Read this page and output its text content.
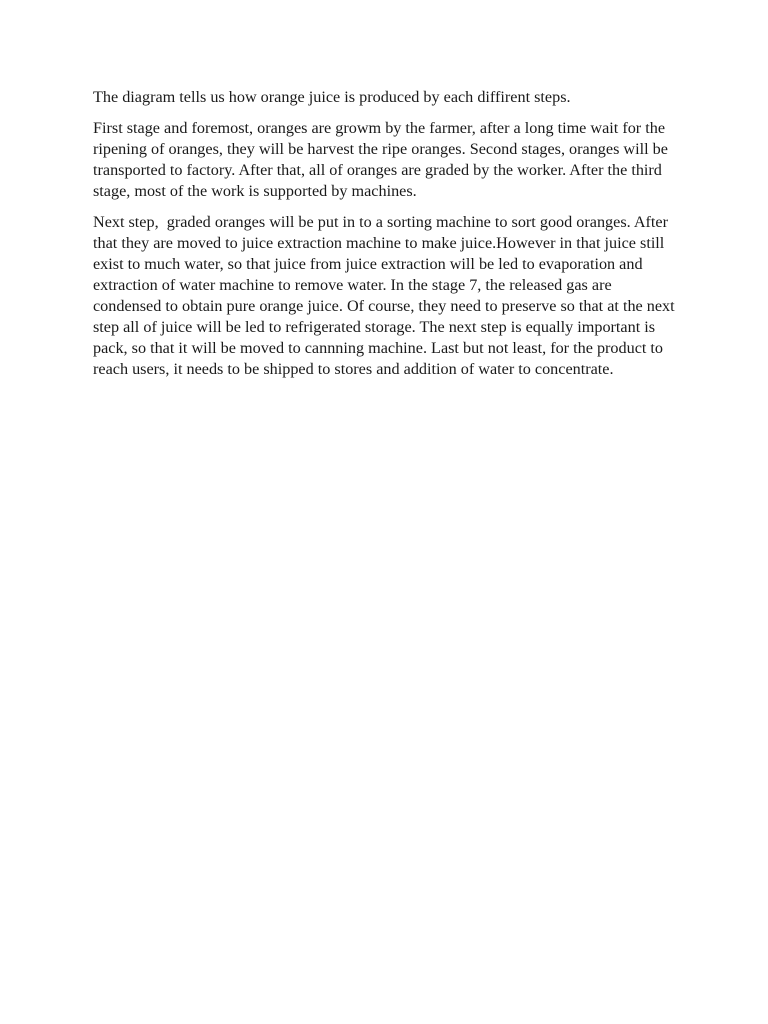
The diagram tells us how orange juice is produced by each diffirent steps.

First stage and foremost, oranges are growm by the farmer, after a long time wait for the ripening of oranges, they will be harvest the ripe oranges. Second stages, oranges will be transported to factory. After that, all of oranges are graded by the worker. After the third stage, most of the work is supported by machines.

Next step,  graded oranges will be put in to a sorting machine to sort good oranges. After that they are moved to juice extraction machine to make juice.However in that juice still exist to much water, so that juice from juice extraction will be led to evaporation and extraction of water machine to remove water. In the stage 7, the released gas are condensed to obtain pure orange juice. Of course, they need to preserve so that at the next step all of juice will be led to refrigerated storage. The next step is equally important is pack, so that it will be moved to cannning machine. Last but not least, for the product to reach users, it needs to be shipped to stores and addition of water to concentrate.
